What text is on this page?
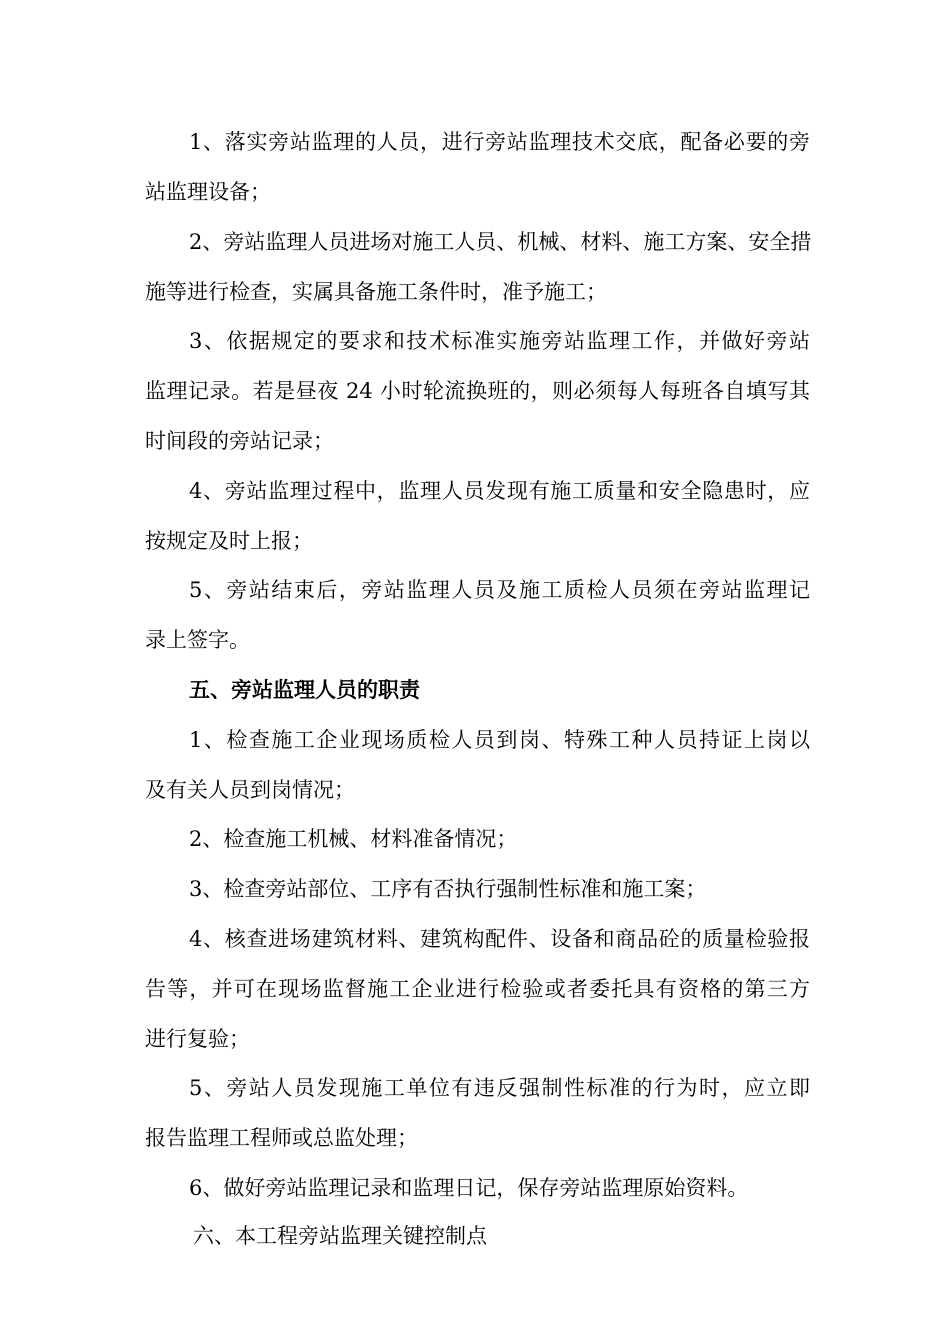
1、落实旁站监理的人员，进行旁站监理技术交底，配备必要的旁
站监理设备；
2、旁站监理人员进场对施工人员、机械、材料、施工方案、安全措
施等进行检查，实属具备施工条件时，准予施工；
3、依据规定的要求和技术标准实施旁站监理工作，并做好旁站
监理记录。若是昼夜 24 小时轮流换班的，则必须每人每班各自填写其
时间段的旁站记录；
4、旁站监理过程中，监理人员发现有施工质量和安全隐患时，应
按规定及时上报；
5、旁站结束后，旁站监理人员及施工质检人员须在旁站监理记
录上签字。
五、旁站监理人员的职责
1、检查施工企业现场质检人员到岗、特殊工种人员持证上岗以
及有关人员到岗情况；
2、检查施工机械、材料准备情况；
3、检查旁站部位、工序有否执行强制性标准和施工案；
4、核查进场建筑材料、建筑构配件、设备和商品砼的质量检验报
告等，并可在现场监督施工企业进行检验或者委托具有资格的第三方
进行复验；
5、旁站人员发现施工单位有违反强制性标准的行为时，应立即
报告监理工程师或总监处理；
6、做好旁站监理记录和监理日记，保存旁站监理原始资料。
六、本工程旁站监理关键控制点
